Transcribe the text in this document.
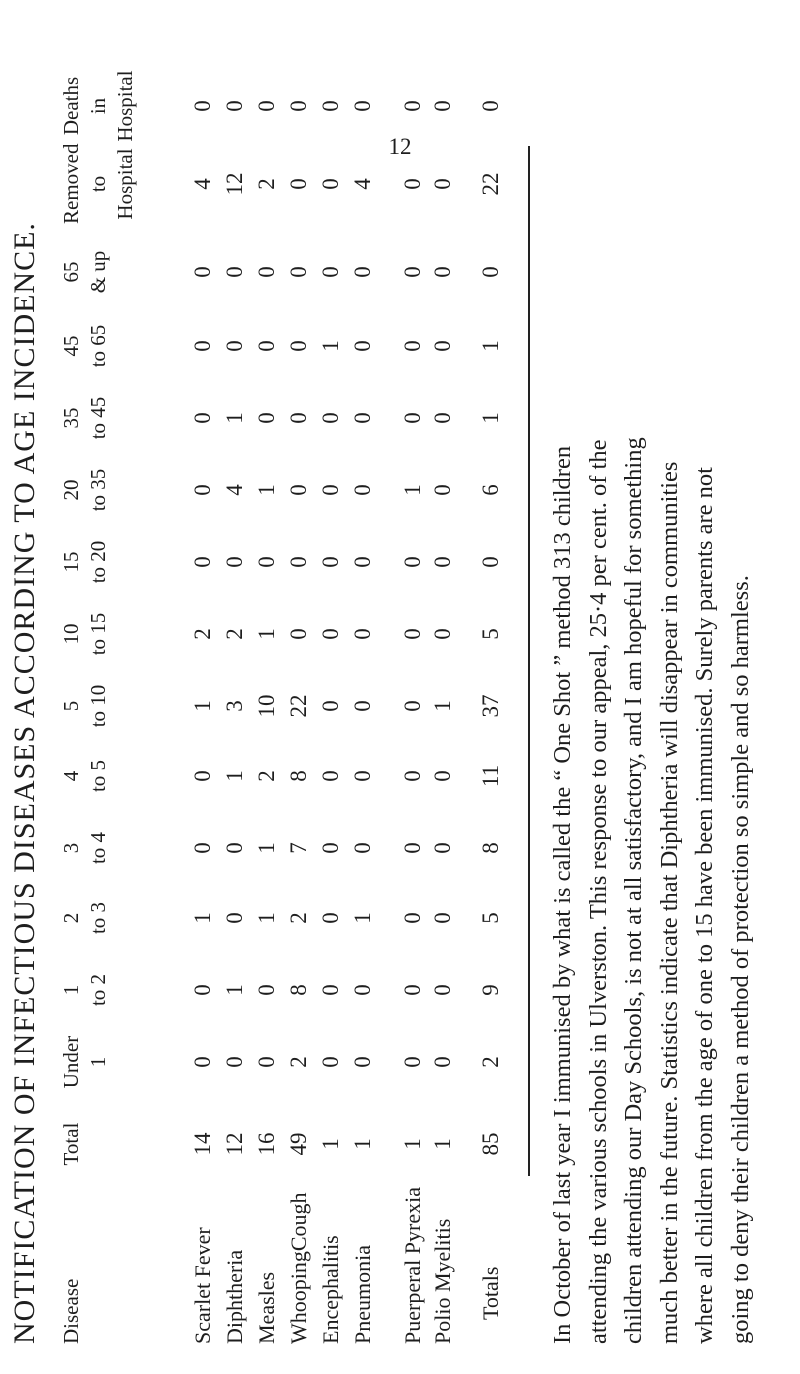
12
NOTIFICATION OF INFECTIOUS DISEASES ACCORDING TO AGE INCIDENCE. Disease
Total
Under 1
1 to 2
2 to 3
3 to 4
4 to 5
5 to 10
10 to 15
15 to 20
20 to 35
35 to 45
45 to 65
65 & up
Removed to Hospital
Deaths in Hospital
Scarlet Fever
14
0
0
1
0
0
1
2
0
0
0
0
0
4
0
Diphtheria
12
0
1
0
0
1
3
2
0
4
1
0
0
12
0
Measles
16
0
0
1
1
2
10
1
0
1
0
0
0
2
0
WhoopingCough
49
2
8
2
7
8
22
0
0
0
0
0
0
0
0
Encephalitis
1
0
0
0
0
0
0
0
0
0
0
1
0
0
0
Pneumonia
1
0
0
1
0
0
0
0
0
0
0
0
0
4
0
Puerperal Pyrexia
1
0
0
0
0
0
0
0
0
1
0
0
0
0
0
Polio Myelitis
1
0
0
0
0
0
1
0
0
0
0
0
0
0
0
Totals
85
2
9
5
8
11
37
5
0
6
1
1
0
22
0

In October of last year I immunised by what is called the “ One Shot ” method 313 children attending the various schools in Ulverston. This response to our appeal, 25·4 per cent. of the children attending our Day Schools, is not at all satisfactory, and I am hopeful for something much better in the future. Statistics indicate that Diphtheria will disappear in communities where all children from the age of one to 15 have been immunised. Surely parents are not going to deny their children a method of protection so simple and so harmless.
